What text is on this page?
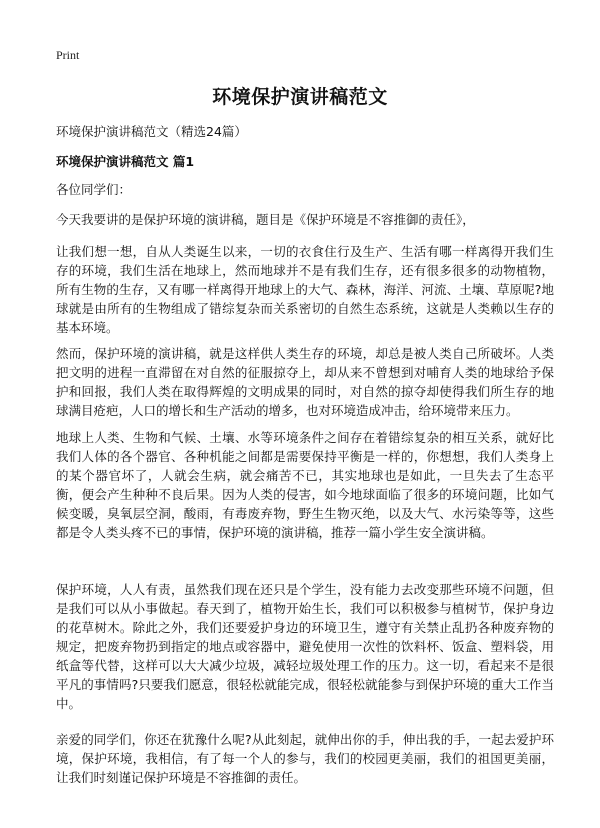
Print
环境保护演讲稿范文
环境保护演讲稿范文（精选24篇）
环境保护演讲稿范文 篇1

各位同学们：

今天我要讲的是保护环境的演讲稿，题目是《保护环境是不容推御的责任》，

让我们想一想，自从人类诞生以来，一切的衣食住行及生产、生活有哪一样离得开我们生存的环境，我们生活在地球上，然而地球并不是有我们生存，还有很多很多的动物植物，所有生物的生存，又有哪一样离得开地球上的大气、森林，海洋、河流、土壤、草原呢?地球就是由所有的生物组成了错综复杂而关系密切的自然生态系统，这就是人类赖以生存的基本环境。

然而，保护环境的演讲稿，就是这样供人类生存的环境，却总是被人类自己所破坏。人类把文明的进程一直滞留在对自然的征服掠夺上，却从来不曾想到对哺育人类的地球给予保护和回报，我们人类在取得辉煌的文明成果的同时，对自然的掠夺却使得我们所生存的地球满目疮疤，人口的增长和生产活动的增多，也对环境造成冲击，给环境带来压力。

地球上人类、生物和气候、土壤、水等环境条件之间存在着错综复杂的相互关系，就好比我们人体的各个器官、各种机能之间都是需要保持平衡是一样的，你想想，我们人类身上的某个器官坏了，人就会生病，就会痛苦不已，其实地球也是如此，一旦失去了生态平衡，便会产生种种不良后果。因为人类的侵害，如今地球面临了很多的环境问题，比如气候变暖，臭氧层空洞，酸雨，有毒废弃物，野生生物灭绝，以及大气、水污染等等，这些都是令人类头疼不已的事情，保护环境的演讲稿，推荐一篇小学生安全演讲稿。

保护环境，人人有责，虽然我们现在还只是个学生，没有能力去改变那些环境不问题，但是我们可以从小事做起。春天到了，植物开始生长，我们可以积极参与植树节，保护身边的花草树木。除此之外，我们还要爱护身边的环境卫生，遵守有关禁止乱扔各种废弃物的规定，把废弃物扔到指定的地点或容器中，避免使用一次性的饮料杯、饭盒、塑料袋，用纸盒等代替，这样可以大大减少垃圾，减轻垃圾处理工作的压力。这一切，看起来不是很平凡的事情吗?只要我们愿意，很轻松就能完成，很轻松就能参与到保护环境的重大工作当中。

亲爱的同学们，你还在犹豫什么呢?从此刻起，就伸出你的手，伸出我的手，一起去爱护环境，保护环境，我相信，有了每一个人的参与，我们的校园更美丽，我们的祖国更美丽，让我们时刻谨记保护环境是不容推御的责任。
